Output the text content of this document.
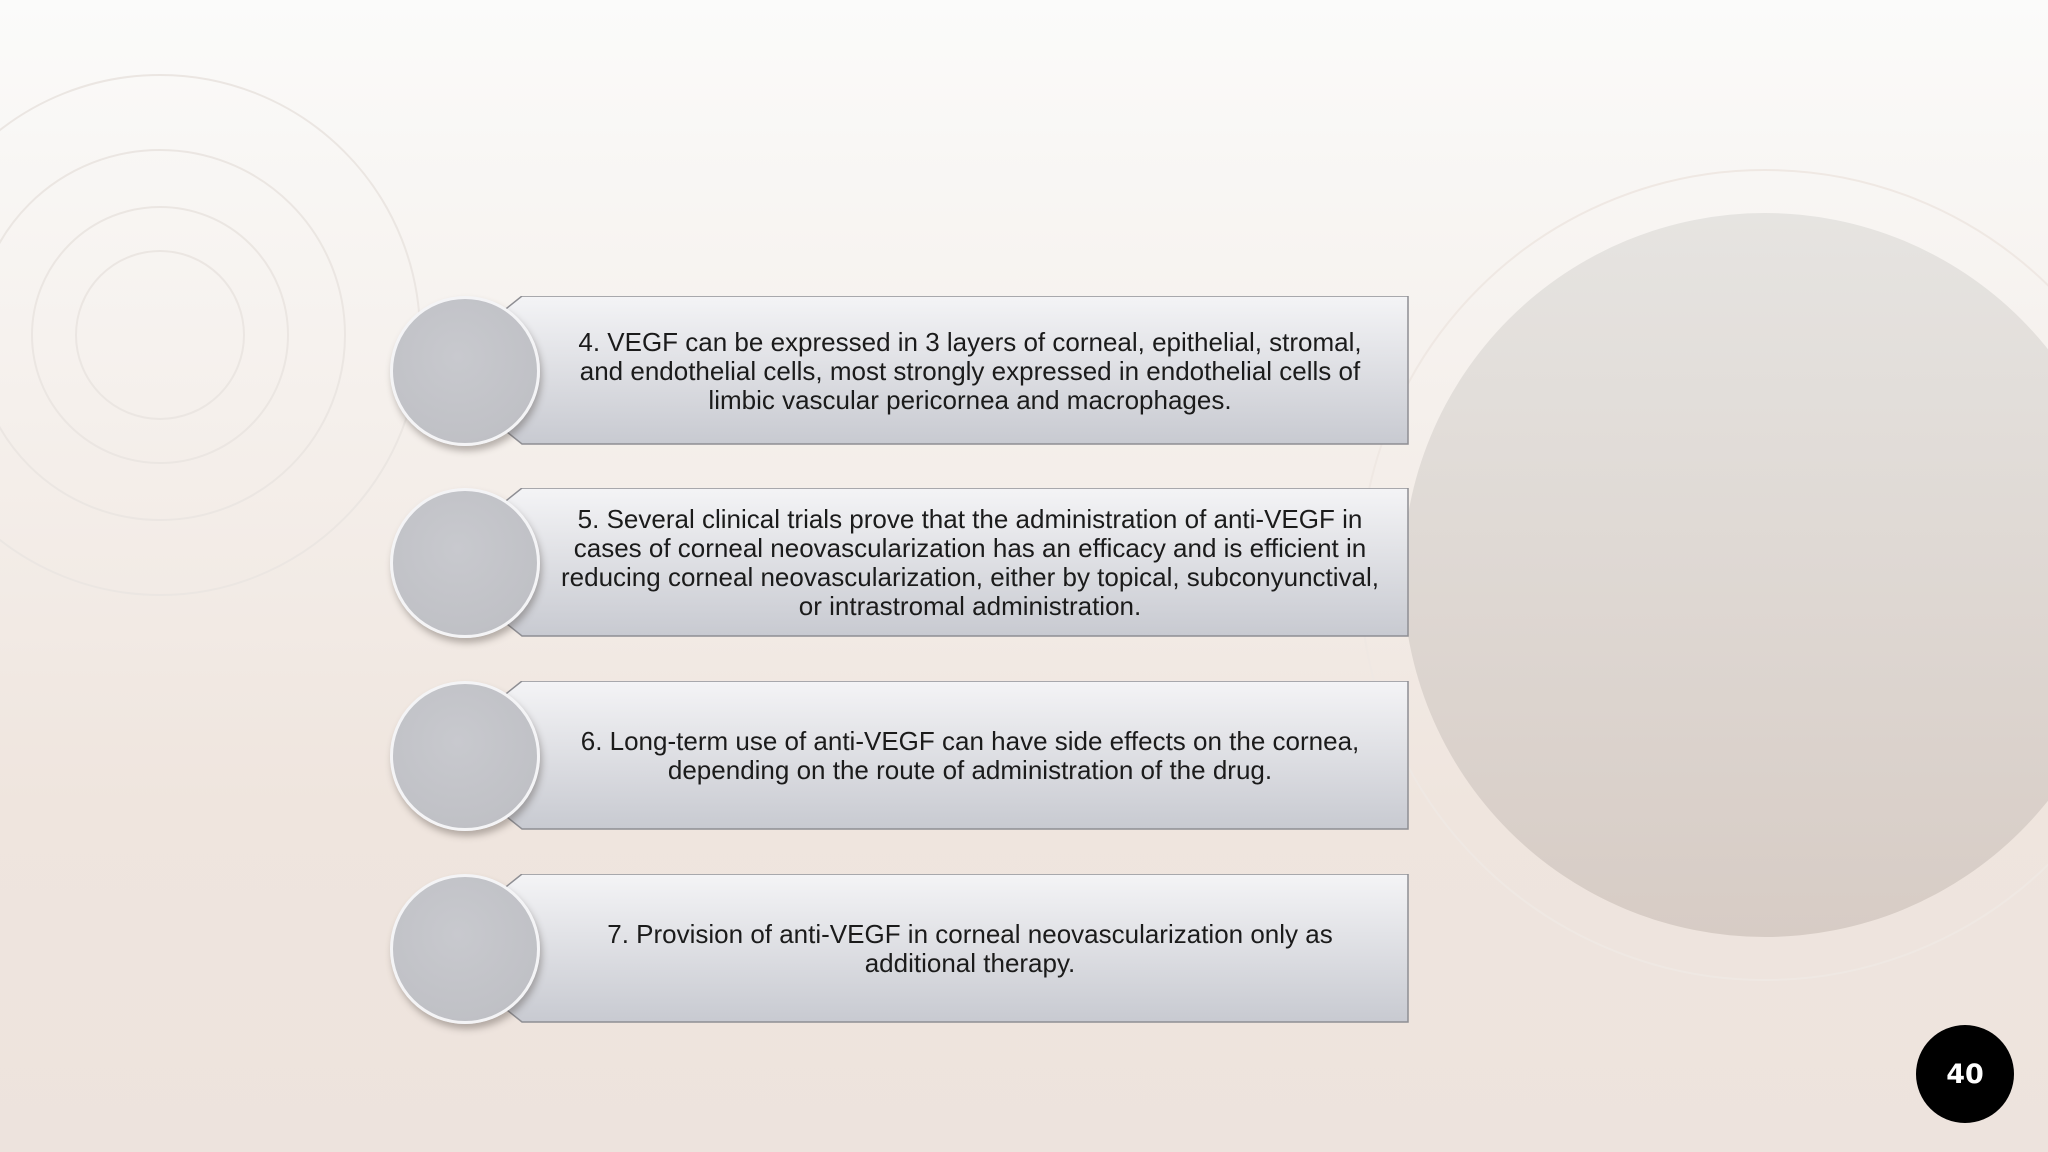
4. VEGF can be expressed in 3 layers of corneal, epithelial, stromal, and endothelial cells, most strongly expressed in endothelial cells of limbic vascular pericornea and macrophages.
5. Several clinical trials prove that the administration of anti-VEGF in cases of corneal neovascularization has an efficacy and is efficient in reducing corneal neovascularization, either by topical, subconyunctival, or intrastromal administration.
6. Long-term use of anti-VEGF can have side effects on the cornea, depending on the route of administration of the drug.
7. Provision of anti-VEGF in corneal neovascularization only as additional therapy.
40
